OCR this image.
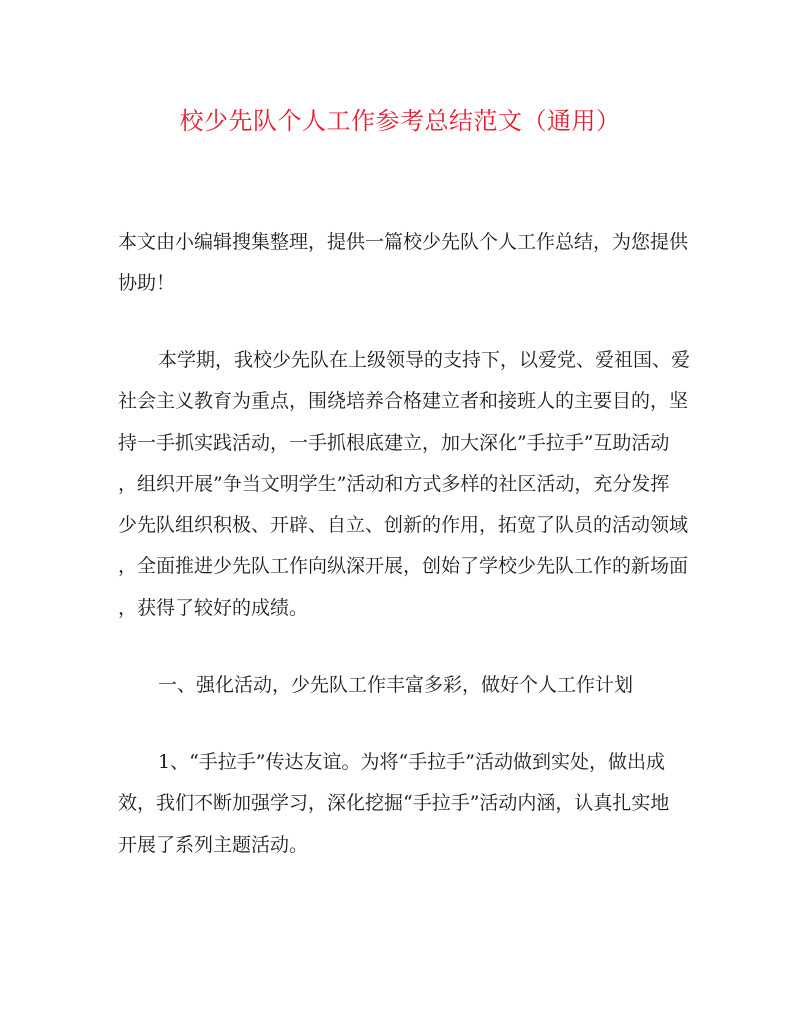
校少先队个人工作参考总结范文（通用）
本文由小编辑搜集整理，提供一篇校少先队个人工作总结，为您提供
协助！
本学期，我校少先队在上级领导的支持下，以爱党、爱祖国、爱
社会主义教育为重点，围绕培养合格建立者和接班人的主要目的，坚
持一手抓实践活动，一手抓根底建立，加大深化”手拉手”互助活动
，组织开展”争当文明学生”活动和方式多样的社区活动，充分发挥
少先队组织积极、开辟、自立、创新的作用，拓宽了队员的活动领域
，全面推进少先队工作向纵深开展，创始了学校少先队工作的新场面
，获得了较好的成绩。
一、强化活动，少先队工作丰富多彩，做好个人工作计划
1、“手拉手”传达友谊。为将“手拉手”活动做到实处，做出成
效，我们不断加强学习，深化挖掘“手拉手”活动内涵，认真扎实地
开展了系列主题活动。
